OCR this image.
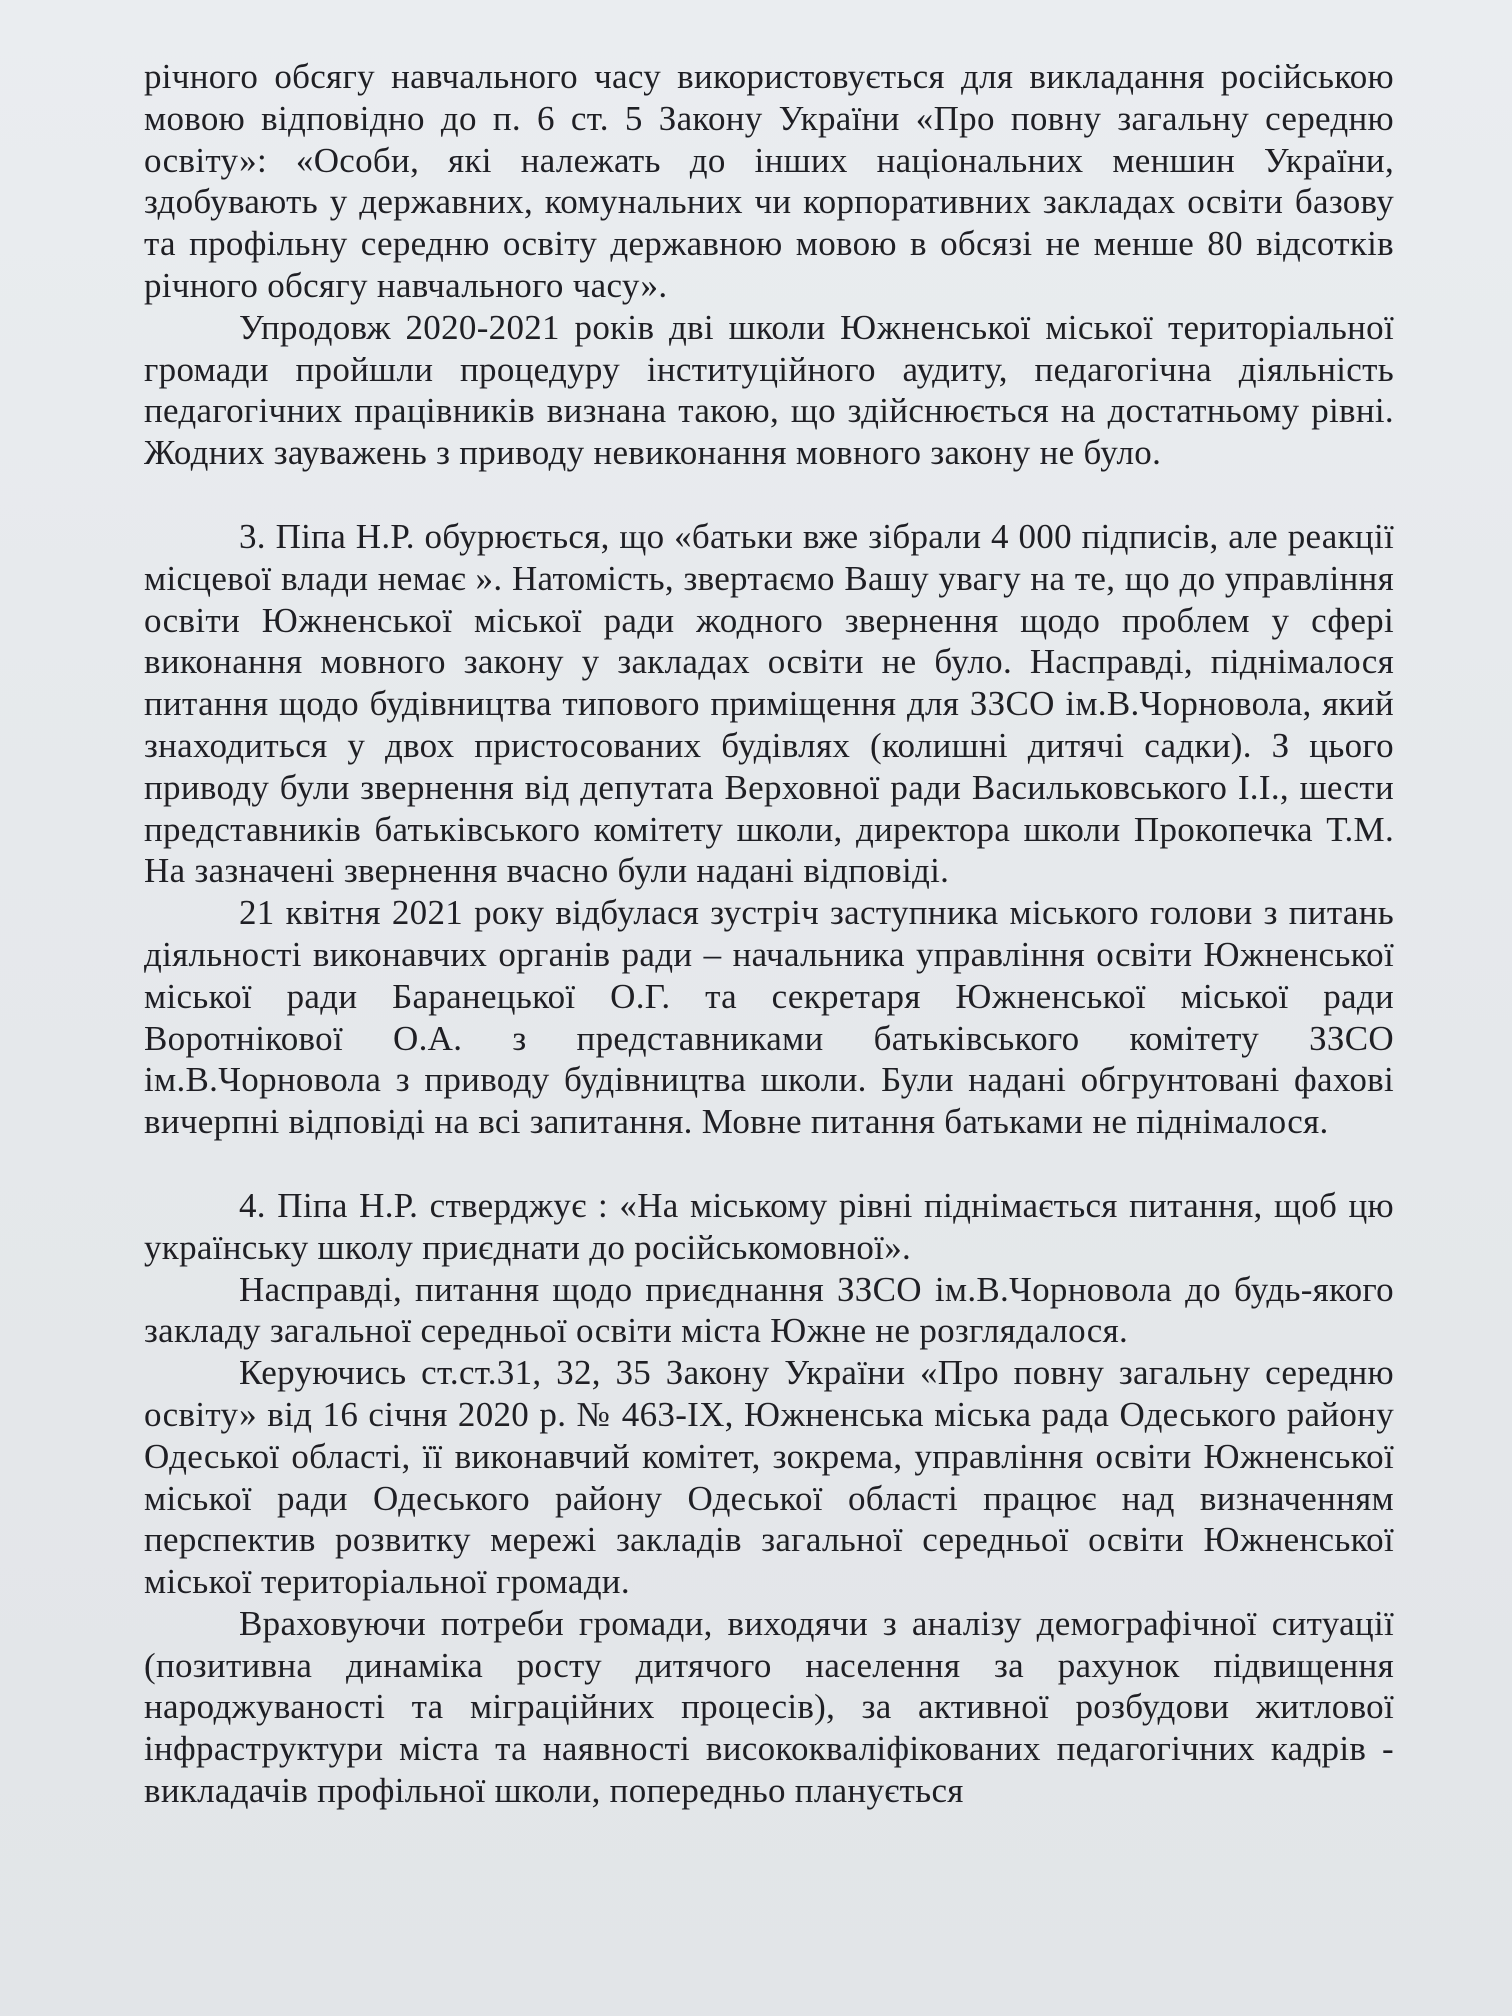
річного обсягу навчального часу використовується для викладання російською мовою відповідно до п. 6 ст. 5 Закону України «Про повну загальну середню освіту»: «Особи, які належать до інших національних меншин України, здобувають у державних, комунальних чи корпоративних закладах освіти базову та профільну середню освіту державною мовою в обсязі не менше 80 відсотків річного обсягу навчального часу».

Упродовж 2020-2021 років дві школи Южненської міської територіальної громади пройшли процедуру інституційного аудиту, педагогічна діяльність педагогічних працівників визнана такою, що здійснюється на достатньому рівні. Жодних зауважень з приводу невиконання мовного закону не було.

3. Піпа Н.Р. обурюється, що «батьки вже зібрали 4 000 підписів, але реакції місцевої влади немає ». Натомість, звертаємо Вашу увагу на те, що до управління освіти Южненської міської ради жодного звернення щодо проблем у сфері виконання мовного закону у закладах освіти не було. Насправді, піднімалося питання щодо будівництва типового приміщення для ЗЗСО ім.В.Чорновола, який знаходиться у двох пристосованих будівлях (колишні дитячі садки). З цього приводу були звернення від депутата Верховної ради Васильковського І.І., шести представників батьківського комітету школи, директора школи Прокопечка Т.М. На зазначені звернення вчасно були надані відповіді.

21 квітня 2021 року відбулася зустріч заступника міського голови з питань діяльності виконавчих органів ради – начальника управління освіти Южненської міської ради Баранецької О.Г. та секретаря Южненської міської ради Воротнікової О.А. з представниками батьківського комітету ЗЗСО ім.В.Чорновола з приводу будівництва школи. Були надані обгрунтовані фахові вичерпні відповіді на всі запитання. Мовне питання батьками не піднімалося.

4. Піпа Н.Р. стверджує : «На міському рівні піднімається питання, щоб цю українську школу приєднати до російськомовної».

Насправді, питання щодо приєднання ЗЗСО ім.В.Чорновола до будь-якого закладу загальної середньої освіти міста Южне не розглядалося.

Керуючись ст.ст.31, 32, 35 Закону України «Про повну загальну середню освіту» від 16 січня 2020 р. № 463-IX, Южненська міська рада Одеського району Одеської області, її виконавчий комітет, зокрема, управління освіти Южненської міської ради Одеського району Одеської області працює над визначенням перспектив розвитку мережі закладів загальної середньої освіти Южненської міської територіальної громади.

Враховуючи потреби громади, виходячи з аналізу демографічної ситуації (позитивна динаміка росту дитячого населення за рахунок підвищення народжуваності та міграційних процесів), за активної розбудови житлової інфраструктури міста та наявності висококваліфікованих педагогічних кадрів - викладачів профільної школи, попередньо планується
